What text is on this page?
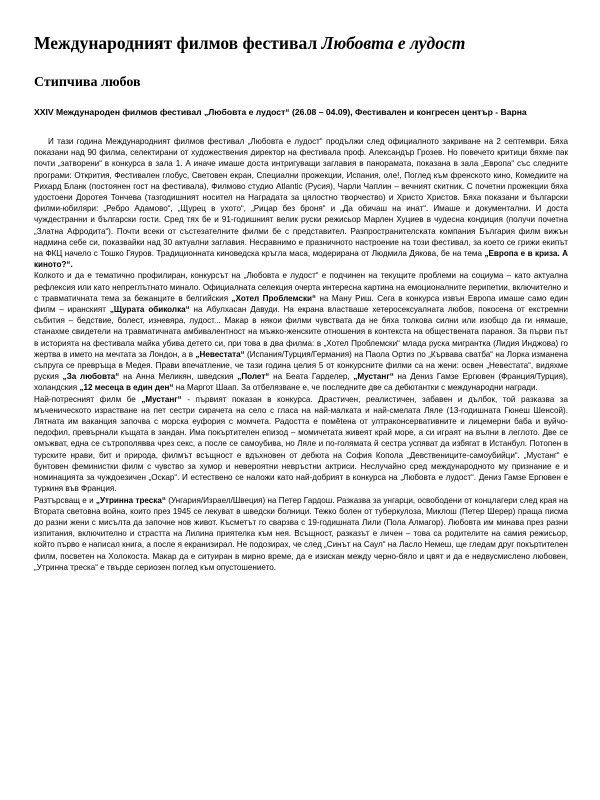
Международният филмов фестивал Любовта е лудост
Стипчива любов

XXIV Международен филмов фестивал „Любовта е лудост“ (26.08 – 04.09), Фестивален и конгресен център - Варна

И тази година Международният филмов фестивал „Любовта е лудост“ продължи след официалното закриване на 2 септември. Бяха показани над 90 филма, селектирани от художествения директор на фестивала проф. Александър Грозев. Но повечето критици бяхме пак почти „затворени“ в конкурса в зала 1. А иначе имаше доста интригуващи заглавия в панорамата, показана в зала „Европа“ със следните програми: Открития, Фестивален глобус, Световен екран, Специални прожекции, Испания, оле!, Поглед към френското кино, Комедиите на Рихард Бланк (постоянен гост на фестивала), Филмово студио Atlantic (Русия), Чарли Чаплин – вечният скитник. С почетни прожекции бяха удостоени Доротея Тончева (тазгодишният носител на Наградата за цялостно творчество) и Христо Христов. Бяха показани и български филми-юбиляри: „Ребро Адамово“, „Щурец в ухото“, „Рицар без броня“ и „Да обичаш на инат“. Имаше и документални. И доста чуждестранни и български гости. Сред тях бе и 91-годишният велик руски режисьор Марлен Хуциев в чудесна кондиция (получи почетна „Златна Афродита“). Почти всеки от състезателните филми бе с представител. Разпространителската компания България филм вижън надмина себе си, показвайки над 30 актуални заглавия. Несравнимо е празничното настроение на този фестивал, за което се грижи екипът на ФКЦ начело с Тошко Гяуров. Традиционната киноведска кръгла маса, модерирана от Людмила Дякова, бе на тема „Европа е в криза. А киното?“.

Колкото и да е тематично профилиран, конкурсът на „Любовта е лудост“ е подчинен на текущите проблеми на социума – като актуална рефлексия или като непреглътнато минало. Официалната селекция очерта интересна картина на емоционалните перипетии, включително и с травматичната тема за бежанците в белгийския „Хотел Проблемски“ на Ману Риш. Сега в конкурса извън Европа имаше само един филм – иранският „Щурата обиколка“ на Абулхасан Давуди. На екрана властваше хетеросексуалната любов, покосена от екстремни събития – бедствие, болест, изневяра, лудост... Макар в някои филми чувствата да не бяха толкова силни или изобщо да ги нямаше, станахме свидетели на травматичната амбивалентност на мъжко-женските отношения в контекста на обществената параноя. За първи път в историята на фестивала майка убива детето си, при това в два филма: в „Хотел Проблемски“ млада руска мигрантка (Лидия Инджова) го жертва в името на мечтата за Лондон, а в „Невестата“ (Испания/Турция/Германия) на Паола Ортиз по „Кървава сватба“ на Лорка изманена съпруга се превръща в Медея. Прави впечатление, че тази година целия 5 от конкурсните филми са на жени: освен „Невестата“, видяхме руския „За любовта“ на Анна Меликян, шведския „Полет“ на Беата Гарделер, „Мустанг“ на Дениз Гамзе Ергювен (Франция/Турция), холандския „12 месеца в един ден“ на Маргот Шаап. За отбелязване е, че последните две са дебютантки с международни награди.

Най-потресният филм бе „Мустанг“ - първият показан в конкурса. Драстичен, реалистичен, забавен и дълбок, той разказва за мъченическото израстване на пет сестри сирачета на село с гласа на най-малката и най-смелата Ляле (13-годишната Гюнеш Шенсой). Лятната им ваканция започва с морска еуфория с момчета. Радостта е помětена от ултраконсервативните и лицемерни баба и вуйчо-педофил, превърнали къщата в зандан. Има покъртителен епизод – момичетата живеят край море, а си играят на вълни в леглото. Две се омъжват, една се сътрополявва чрез секс, а после се самоубива, но Ляле и по-голямата й сестра успяват да избягат в Истанбул. Потопен в турските нрави, бит и природа, филмът всъщност е вдъхновен от дебюта на София Копола „Девствениците-самоубийци“. „Мустанг“ е бунтовен феминистки филм с чувство за хумор и невероятни невръстни актриси. Неслучайно сред международното му признание е и номинацията за чуждоезичен „Оскар“. И естествено се наложи като най-добрият в конкурса на „Любовта е лудост“. Дениз Гамзе Ергювен е туркиня във Франция.

Разтърсващ е и „Утринна треска“ (Унгария/Израел/Швеция) на Петер Гардош. Разказва за унгарци, освободени от концлагери след края на Втората световна война, които през 1945 се лекуват в шведски болници. Тежко болен от туберкулоза, Миклош (Петер Шерер) праща писма до разни жени с мисълта да започне нов живот. Късметът го сварзва с 19-годишната Лили (Пола Алмагор). Любовта им минава през разни изпитания, включително и страстта на Лилина приятелка към нея. Всъщност, разказът е личен – това са родителите на самия режисьор, който първо е написал книга, а после я екранизирал. Не подозирах, че след „Синът на Саул“ на Ласло Немеш, ще гледам друг покъртителен филм, посветен на Холокоста. Макар да е ситуиран в мирно време, да е изискан между черно-бяло и цвят и да е недвусмислено любовен, „Утринна треска“ е твърде сериозен поглед към опустошението.
